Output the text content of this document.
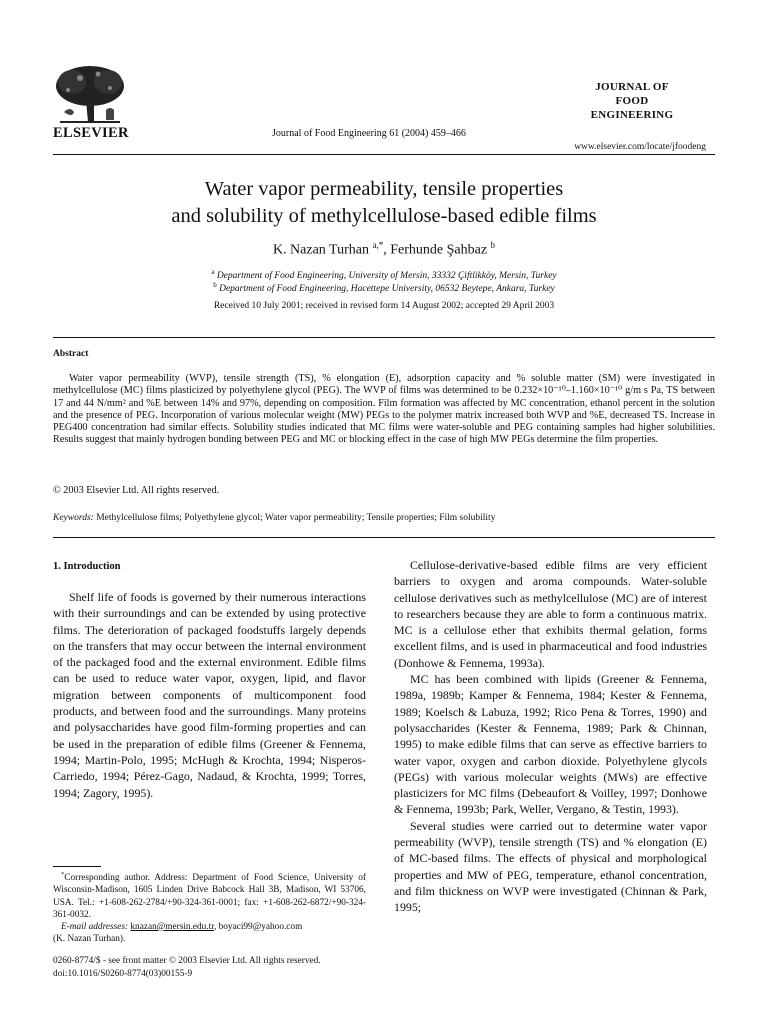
ELSEVIER	Journal of Food Engineering 61 (2004) 459–466
JOURNAL OF
FOOD
ENGINEERING
www.elsevier.com/locate/jfoodeng
Water vapor permeability, tensile properties
and solubility of methylcellulose-based edible films
K. Nazan Turhan $^{a,*}$, Ferhunde Şahbaz $^b$
$^a$ Department of Food Engineering, University of Mersin, 33332 Çiftlikköy, Mersin, Turkey
$^b$ Department of Food Engineering, Hacettepe University, 06532 Beytepe, Ankara, Turkey
Received 10 July 2001; received in revised form 14 August 2002; accepted 29 April 2003
Abstract
Water vapor permeability (WVP), tensile strength (TS), % elongation (E), adsorption capacity and % soluble matter (SM) were investigated in methylcellulose (MC) films plasticized by polyethylene glycol (PEG). The WVP of films was determined to be 0.232×10⁻¹⁰–1.160×10⁻¹⁰ g/m s Pa, TS between 17 and 44 N/mm² and %E between 14% and 97%, depending on composition. Film formation was affected by MC concentration, ethanol percent in the solution and the presence of PEG. Incorporation of various molecular weight (MW) PEGs to the polymer matrix increased both WVP and %E, decreased TS. Increase in PEG400 concentration had similar effects. Solubility studies indicated that MC films were water-soluble and PEG containing samples had higher solubilities. Results suggest that mainly hydrogen bonding between PEG and MC or blocking effect in the case of high MW PEGs determine the film properties.
© 2003 Elsevier Ltd. All rights reserved.
Keywords: Methylcellulose films; Polyethylene glycol; Water vapor permeability; Tensile properties; Film solubility
1. Introduction

Shelf life of foods is governed by their numerous interactions with their surroundings and can be extended by using protective films. The deterioration of packaged foodstuffs largely depends on the transfers that may occur between the internal environment of the packaged food and the external environment. Edible films can be used to reduce water vapor, oxygen, lipid, and flavor migration between components of multicomponent food products, and between food and the surroundings. Many proteins and polysaccharides have good film-forming properties and can be used in the preparation of edible films (Greener & Fennema, 1994; Martin-Polo, 1995; McHugh & Krochta, 1994; Nisperos-Carriedo, 1994; Pérez-Gago, Nadaud, & Krochta, 1999; Torres, 1994; Zagory, 1995).

Cellulose-derivative-based edible films are very efficient barriers to oxygen and aroma compounds. Water-soluble cellulose derivatives such as methylcellulose (MC) are of interest to researchers because they are able to form a continuous matrix. MC is a cellulose ether that exhibits thermal gelation, forms excellent films, and is used in pharmaceutical and food industries (Donhowe & Fennema, 1993a).

MC has been combined with lipids (Greener & Fennema, 1989a, 1989b; Kamper & Fennema, 1984; Kester & Fennema, 1989; Koelsch & Labuza, 1992; Rico Pena & Torres, 1990) and polysaccharides (Kester & Fennema, 1989; Park & Chinnan, 1995) to make edible films that can serve as effective barriers to water vapor, oxygen and carbon dioxide. Polyethylene glycols (PEGs) with various molecular weights (MWs) are effective plasticizers for MC films (Debeaufort & Voilley, 1997; Donhowe & Fennema, 1993b; Park, Weller, Vergano, & Testin, 1993).

Several studies were carried out to determine water vapor permeability (WVP), tensile strength (TS) and % elongation (E) of MC-based films. The effects of physical and morphological properties and MW of PEG, temperature, ethanol concentration, and film thickness on WVP were investigated (Chinnan & Park, 1995;

*Corresponding author. Address: Department of Food Science, University of Wisconsin-Madison, 1605 Linden Drive Babcock Hall 3B, Madison, WI 53706, USA. Tel.: +1-608-262-2784/+90-324-361-0001; fax: +1-608-262-6872/+90-324-361-0032.

E-mail addresses: knazan@mersin.edu.tr, boyaci99@yahoo.com

(K. Nazan Turhan).
0260-8774/$ - see front matter © 2003 Elsevier Ltd. All rights reserved.
doi:10.1016/S0260-8774(03)00155-9
